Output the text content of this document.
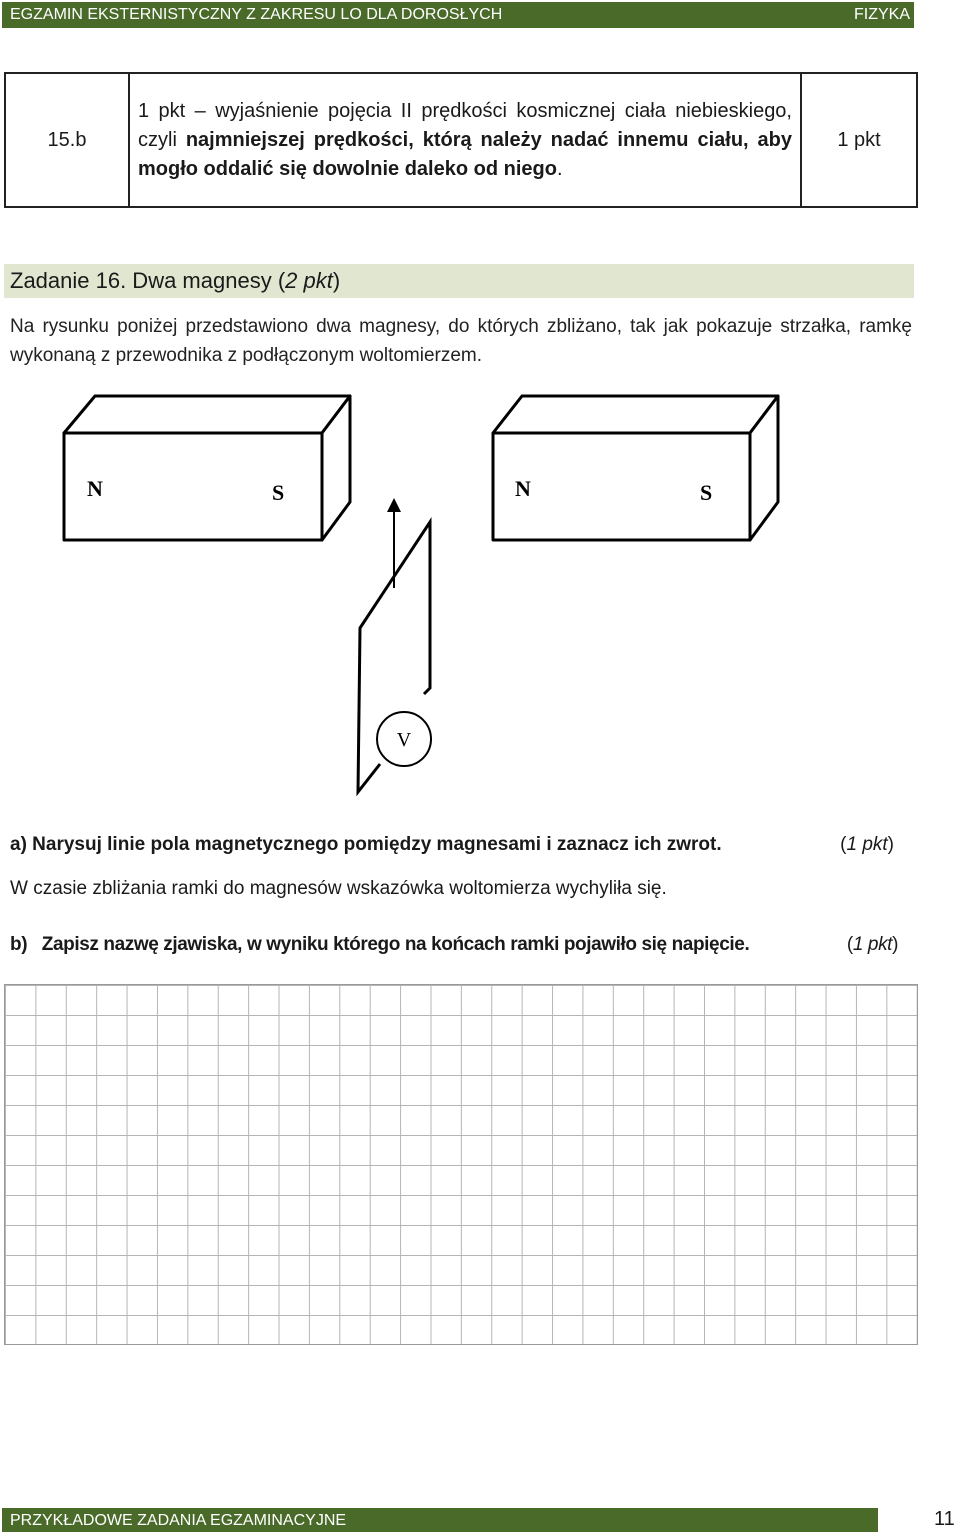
EGZAMIN EKSTERNISTYCZNY Z ZAKRESU LO DLA DOROSŁYCH	FIZYKA
15.b	1 pkt – wyjaśnienie pojęcia II prędkości kosmicznej ciała niebieskiego, czyli najmniejszej prędkości, którą należy nadać innemu ciału, aby mogło oddalić się dowolnie daleko od niego.	1 pkt
Zadanie 16. Dwa magnesy (2 pkt)
Na rysunku poniżej przedstawiono dwa magnesy, do których zbliżano, tak jak pokazuje strzałka, ramkę wykonaną z przewodnika z podłączonym woltomierzem.
N	S	N	S
V
a) Narysuj linie pola magnetycznego pomiędzy magnesami i zaznacz ich zwrot.	(1 pkt)
W czasie zbliżania ramki do magnesów wskazówka woltomierza wychyliła się.
b) Zapisz nazwę zjawiska, w wyniku którego na końcach ramki pojawiło się napięcie.	(1 pkt)
PRZYKŁADOWE ZADANIA EGZAMINACYJNE	11
